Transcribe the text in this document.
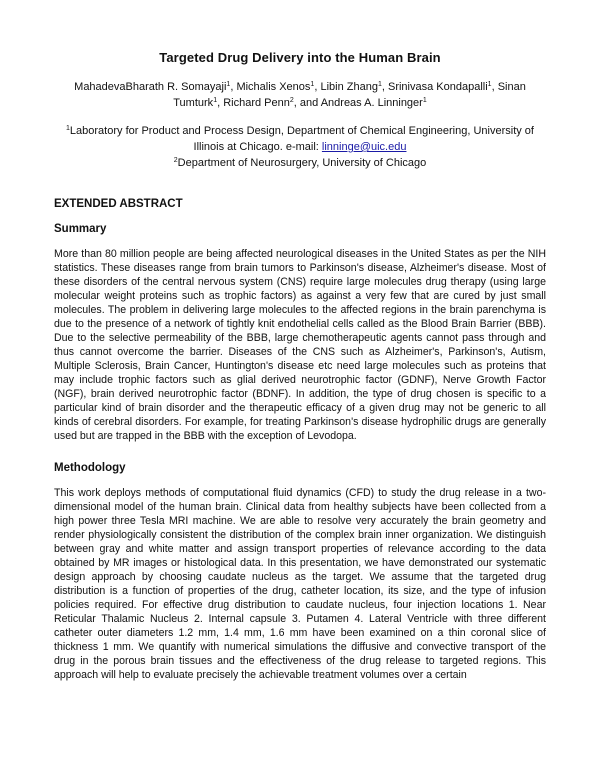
Targeted Drug Delivery into the Human Brain

MahadevaBharath R. Somayaji$^1$, Michalis Xenos$^1$, Libin Zhang$^1$, Srinivasa Kondapalli$^1$, Sinan
Tumturk$^1$, Richard Penn$^2$, and Andreas A. Linninger$^1$

$^1$Laboratory for Product and Process Design, Department of Chemical Engineering, University of Illinois at Chicago. e-mail: linninge@uic.edu
$^2$Department of Neurosurgery, University of Chicago

EXTENDED ABSTRACT
Summary

More than 80 million people are being affected neurological diseases in the United States as per the NIH statistics. These diseases range from brain tumors to Parkinson's disease, Alzheimer's disease. Most of these disorders of the central nervous system (CNS) require large molecules drug therapy (using large molecular weight proteins such as trophic factors) as against a very few that are cured by just small molecules. The problem in delivering large molecules to the affected regions in the brain parenchyma is due to the presence of a network of tightly knit endothelial cells called as the Blood Brain Barrier (BBB). Due to the selective permeability of the BBB, large chemotherapeutic agents cannot pass through and thus cannot overcome the barrier. Diseases of the CNS such as Alzheimer's, Parkinson's, Autism, Multiple Sclerosis, Brain Cancer, Huntington's disease etc need large molecules such as proteins that may include trophic factors such as glial derived neurotrophic factor (GDNF), Nerve Growth Factor (NGF), brain derived neurotrophic factor (BDNF). In addition, the type of drug chosen is specific to a particular kind of brain disorder and the therapeutic efficacy of a given drug may not be generic to all kinds of cerebral disorders. For example, for treating Parkinson's disease hydrophilic drugs are generally used but are trapped in the BBB with the exception of Levodopa.

Methodology

This work deploys methods of computational fluid dynamics (CFD) to study the drug release in a two-dimensional model of the human brain. Clinical data from healthy subjects have been collected from a high power three Tesla MRI machine. We are able to resolve very accurately the brain geometry and render physiologically consistent the distribution of the complex brain inner organization. We distinguish between gray and white matter and assign transport properties of relevance according to the data obtained by MR images or histological data. In this presentation, we have demonstrated our systematic design approach by choosing caudate nucleus as the target. We assume that the targeted drug distribution is a function of properties of the drug, catheter location, its size, and the type of infusion policies required. For effective drug distribution to caudate nucleus, four injection locations 1. Near Reticular Thalamic Nucleus 2. Internal capsule 3. Putamen 4. Lateral Ventricle with three different catheter outer diameters 1.2 mm, 1.4 mm, 1.6 mm have been examined on a thin coronal slice of thickness 1 mm. We quantify with numerical simulations the diffusive and convective transport of the drug in the porous brain tissues and the effectiveness of the drug release to targeted regions. This approach will help to evaluate precisely the achievable treatment volumes over a certain
